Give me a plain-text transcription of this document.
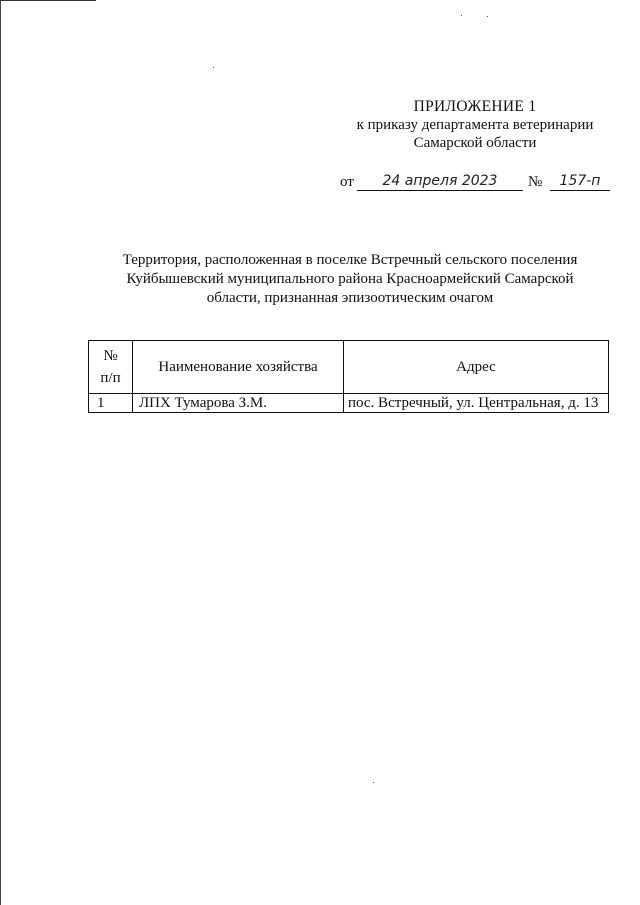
ПРИЛОЖЕНИЕ 1
к приказу департамента ветеринарии
Самарской области
от	24 апреля 2023	№	157-п
Территория, расположенная в поселке Встречный сельского поселения
Куйбышевский муниципального района Красноармейский Самарской
области, признанная эпизоотическим очагом
№
п/п	Наименование хозяйства	Адрес
1	ЛПХ Тумарова З.М.	пос. Встречный, ул. Центральная, д. 13
